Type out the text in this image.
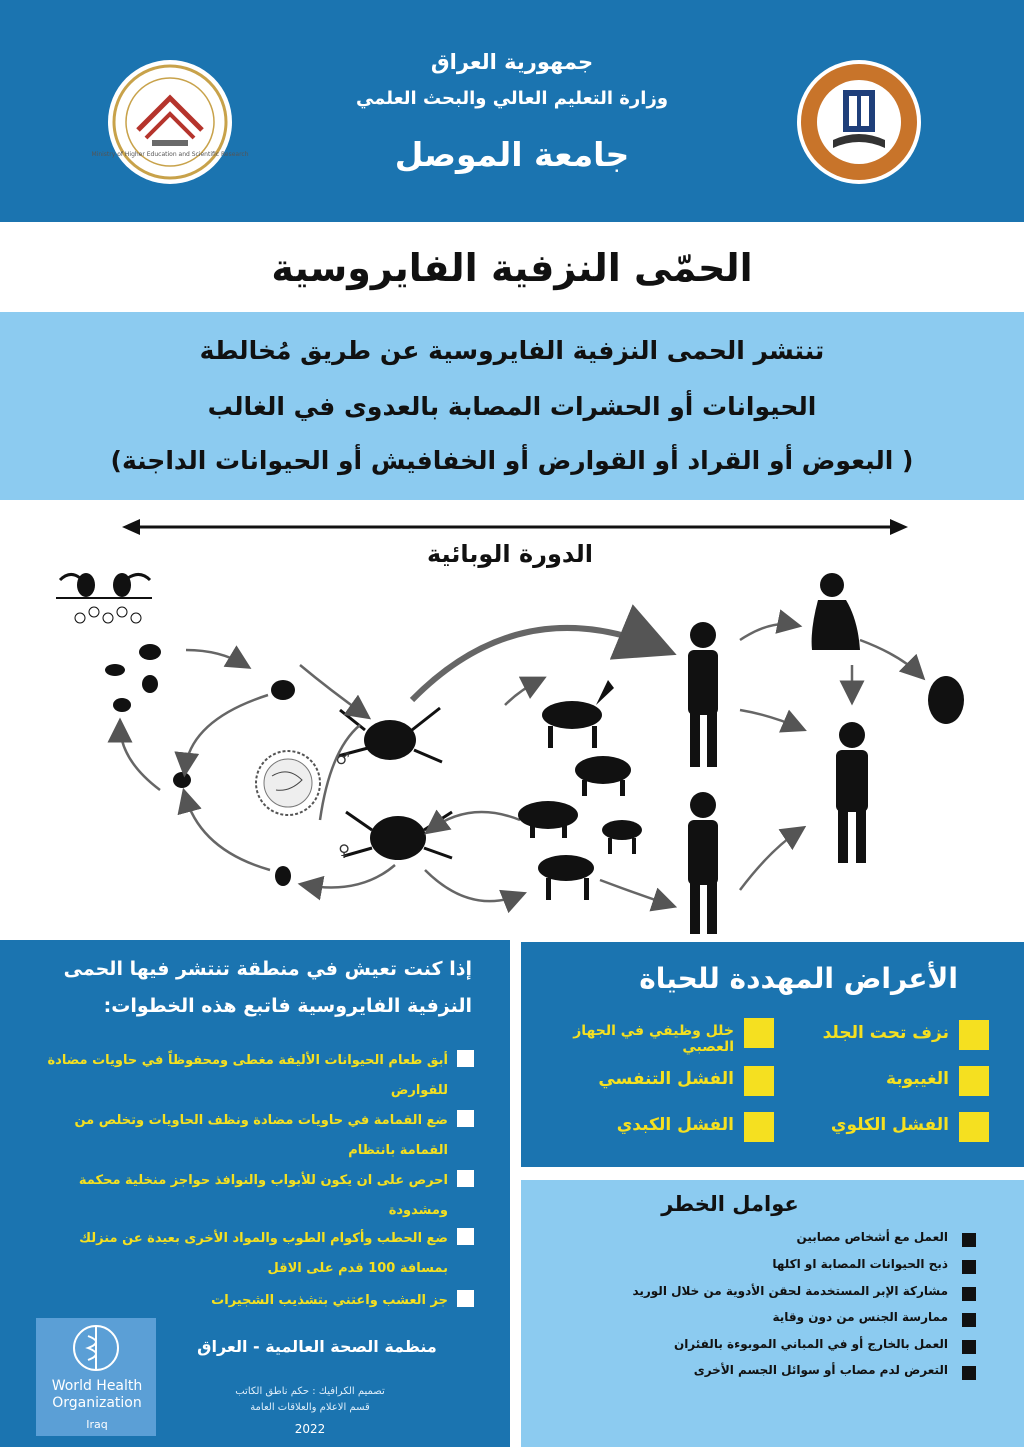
جمهورية العراق
وزارة التعليم العالي والبحث العلمي
جامعة الموصل
Ministry of Higher Education and Scientific Research
الحمّى النزفية الفايروسية
تنتشر الحمى النزفية الفايروسية عن طريق مُخالطة
الحيوانات أو الحشرات المصابة بالعدوى في الغالب
( البعوض أو القراد أو القوارض أو الخفافيش أو الحيوانات الداجنة)
♂
♀
الدورة الوبائية
إذا كنت تعيش في منطقة تنتشر فيها الحمى
النزفية الفايروسية فاتبع هذه الخطوات:
أبق طعام الحيوانات الأليفة مغطى ومحفوظاً في حاويات مضادة
للقوارض
ضع القمامة في حاويات مضادة ونظف الحاويات وتخلص من
القمامة بانتظام
احرص على ان يكون للأبواب والنوافذ حواجز منخلية محكمة
ومشدودة
ضع الحطب وأكوام الطوب والمواد الأخرى بعيدة عن منزلك
بمسافة 100 قدم على الاقل
جز العشب واعتني بتشذيب الشجيرات
World Health
Organization
Iraq
منظمة الصحة العالمية - العراق
تصميم الكرافيك : حكم ناطق الكاتب
قسم الاعلام والعلاقات العامة
2022
الأعراض المهددة للحياة
نزف تحت الجلد
خلل وظيفي في الجهاز العصبي
الغيبوبة
الفشل التنفسي
الفشل الكلوي
الفشل الكبدي
عوامل الخطر
العمل مع أشخاص مصابين
ذبح الحيوانات المصابة او اكلها
مشاركة الإبر المستخدمة لحقن الأدوية من خلال الوريد
ممارسة الجنس من دون وقاية
العمل بالخارج أو في المباني الموبوءة بالفئران
التعرض لدم مصاب أو سوائل الجسم الأخرى
